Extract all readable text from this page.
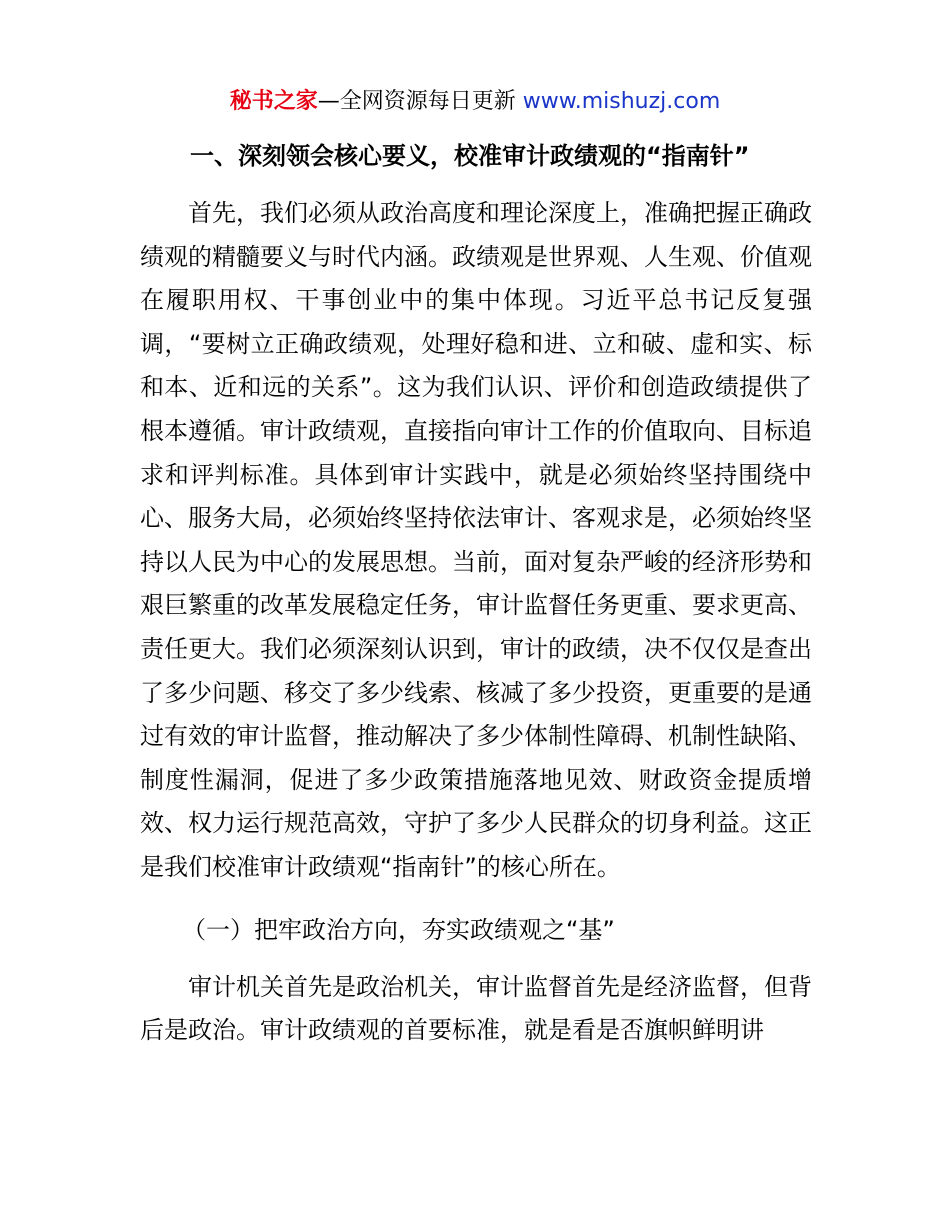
秘书之家—全网资源每日更新 www.mishuzj.com

一、深刻领会核心要义，校准审计政绩观的“指南针”

首先，我们必须从政治高度和理论深度上，准确把握正确政绩观的精髓要义与时代内涵。政绩观是世界观、人生观、价值观在履职用权、干事创业中的集中体现。习近平总书记反复强调，“要树立正确政绩观，处理好稳和进、立和破、虚和实、标和本、近和远的关系”。这为我们认识、评价和创造政绩提供了根本遵循。审计政绩观，直接指向审计工作的价值取向、目标追求和评判标准。具体到审计实践中，就是必须始终坚持围绕中心、服务大局，必须始终坚持依法审计、客观求是，必须始终坚持以人民为中心的发展思想。当前，面对复杂严峻的经济形势和艰巨繁重的改革发展稳定任务，审计监督任务更重、要求更高、责任更大。我们必须深刻认识到，审计的政绩，决不仅仅是查出了多少问题、移交了多少线索、核减了多少投资，更重要的是通过有效的审计监督，推动解决了多少体制性障碍、机制性缺陷、制度性漏洞，促进了多少政策措施落地见效、财政资金提质增效、权力运行规范高效，守护了多少人民群众的切身利益。这正是我们校准审计政绩观“指南针”的核心所在。

（一）把牢政治方向，夯实政绩观之“基”

审计机关首先是政治机关，审计监督首先是经济监督，但背后是政治。审计政绩观的首要标准，就是看是否旗帜鲜明讲
